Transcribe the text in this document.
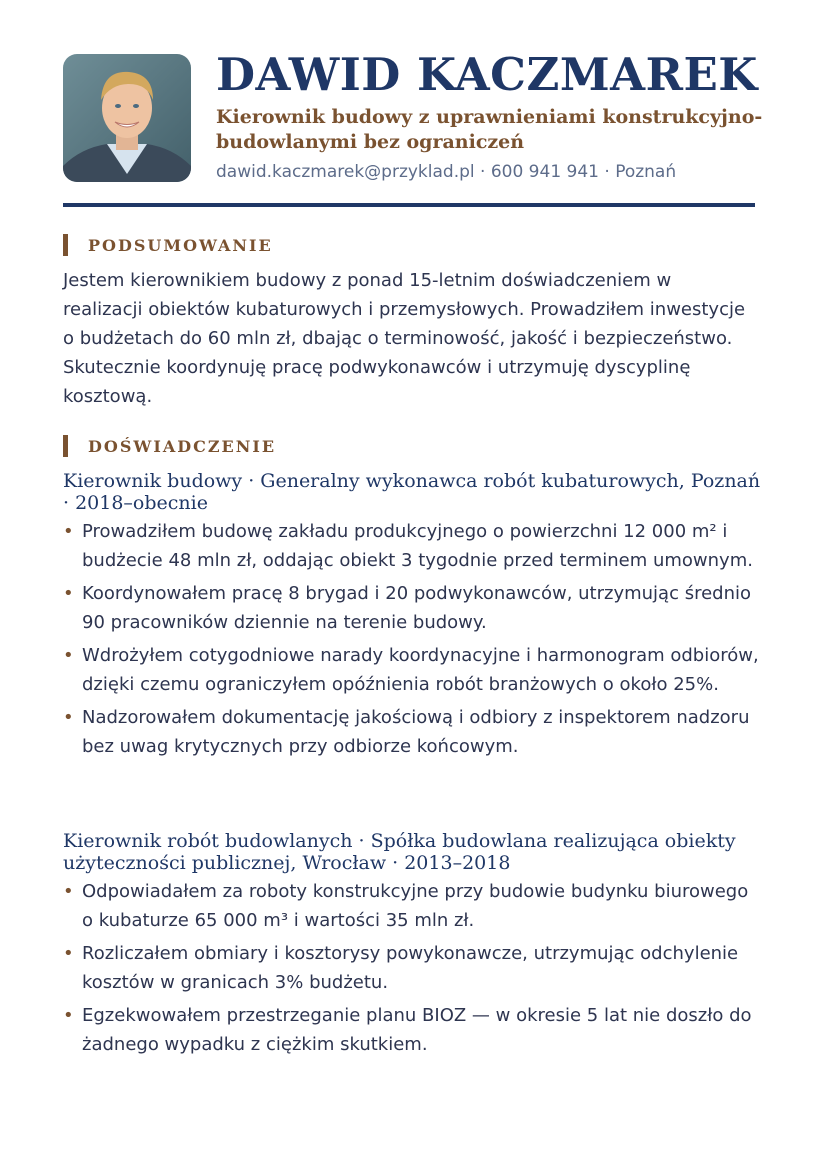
DAWID KACZMAREK
Kierownik budowy z uprawnieniami konstrukcyjno-budowlanymi bez ograniczeń
dawid.kaczmarek@przyklad.pl · 600 941 941 · Poznań
PODSUMOWANIE

Jestem kierownikiem budowy z ponad 15-letnim doświadczeniem w realizacji obiektów kubaturowych i przemysłowych. Prowadziłem inwestycje o budżetach do 60 mln zł, dbając o terminowość, jakość i bezpieczeństwo. Skutecznie koordynuję pracę podwykonawców i utrzymuję dyscyplinę kosztową.

DOŚWIADCZENIE
Kierownik budowy · Generalny wykonawca robót kubaturowych, Poznań · 2018–obecnie
• Prowadziłem budowę zakładu produkcyjnego o powierzchni 12 000 m² i budżecie 48 mln zł, oddając obiekt 3 tygodnie przed terminem umownym.
• Koordynowałem pracę 8 brygad i 20 podwykonawców, utrzymując średnio 90 pracowników dziennie na terenie budowy.
• Wdrożyłem cotygodniowe narady koordynacyjne i harmonogram odbiorów, dzięki czemu ograniczyłem opóźnienia robót branżowych o około 25%.
• Nadzorowałem dokumentację jakościową i odbiory z inspektorem nadzoru bez uwag krytycznych przy odbiorze końcowym.
Kierownik robót budowlanych · Spółka budowlana realizująca obiekty użyteczności publicznej, Wrocław · 2013–2018
• Odpowiadałem za roboty konstrukcyjne przy budowie budynku biurowego o kubaturze 65 000 m³ i wartości 35 mln zł.
• Rozliczałem obmiary i kosztorysy powykonawcze, utrzymując odchylenie kosztów w granicach 3% budżetu.
• Egzekwowałem przestrzeganie planu BIOZ — w okresie 5 lat nie doszło do żadnego wypadku z ciężkim skutkiem.
